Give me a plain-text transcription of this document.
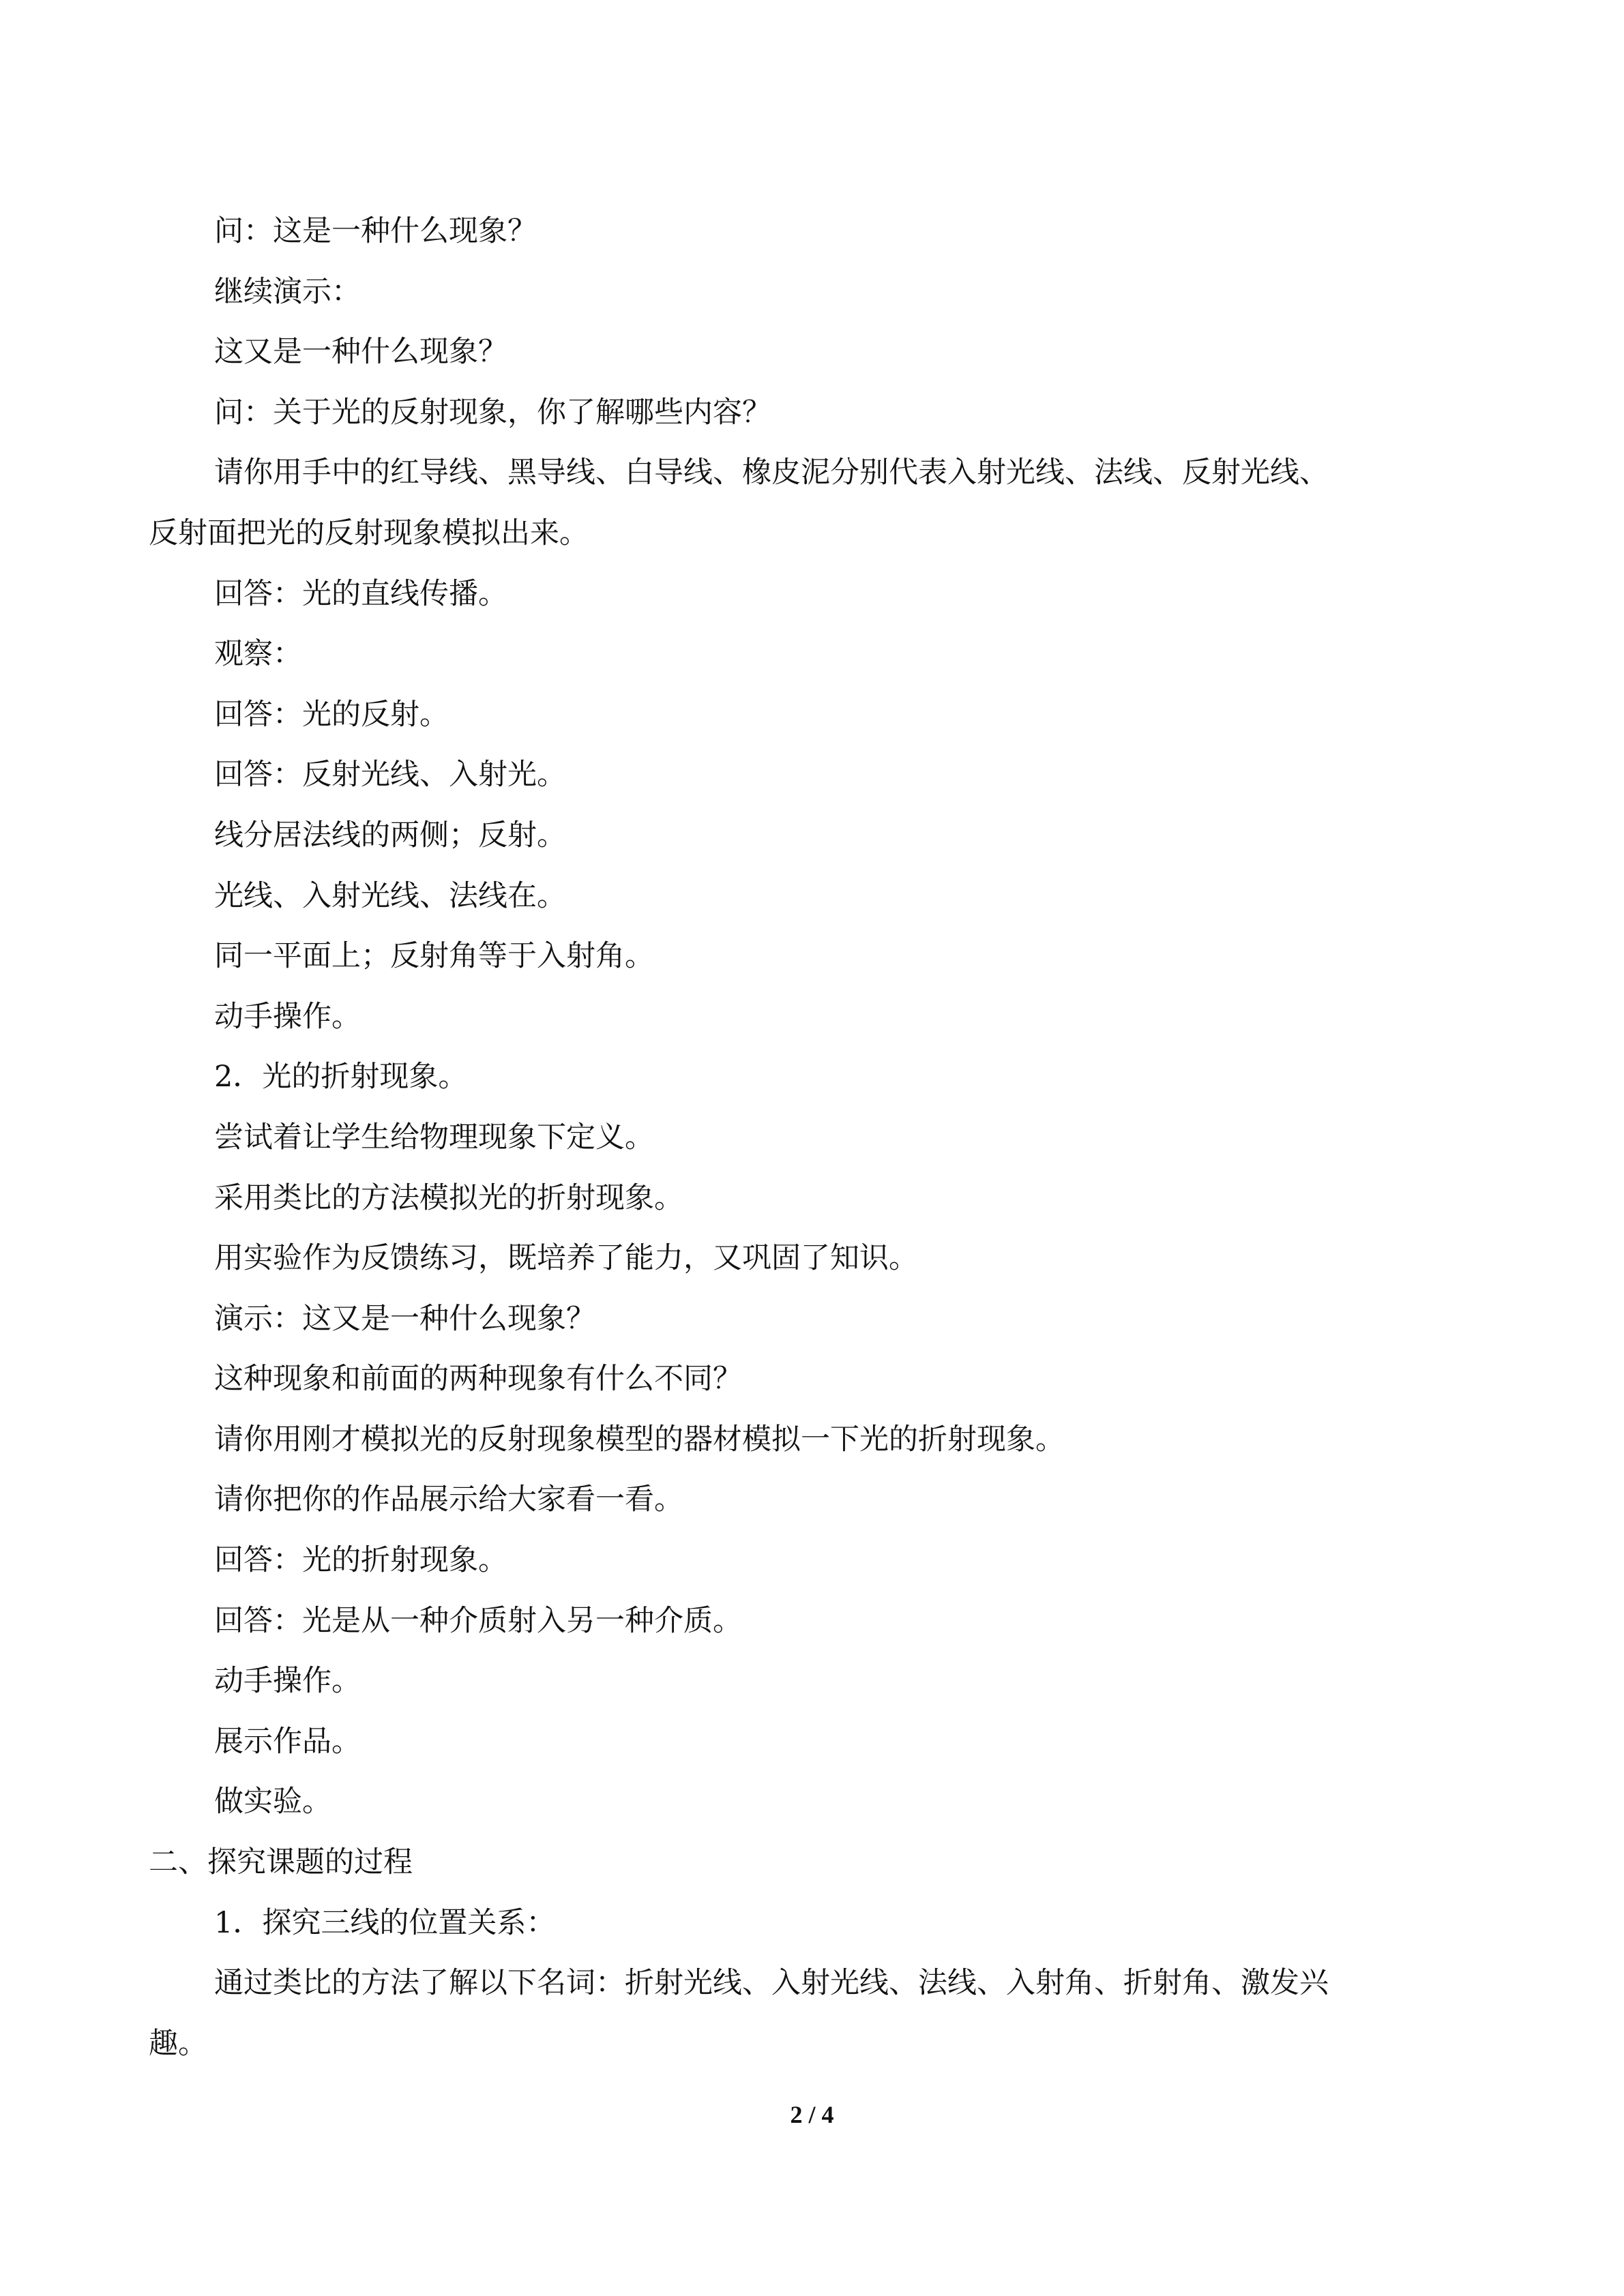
问：这是一种什么现象？

继续演示：

这又是一种什么现象？

问：关于光的反射现象，你了解哪些内容？

请你用手中的红导线、黑导线、白导线、橡皮泥分别代表入射光线、法线、反射光线、

反射面把光的反射现象模拟出来。

回答：光的直线传播。

观察：

回答：光的反射。

回答：反射光线、入射光。

线分居法线的两侧；反射。

光线、入射光线、法线在。

同一平面上；反射角等于入射角。

动手操作。

2．光的折射现象。

尝试着让学生给物理现象下定义。

采用类比的方法模拟光的折射现象。

用实验作为反馈练习，既培养了能力，又巩固了知识。

演示：这又是一种什么现象？

这种现象和前面的两种现象有什么不同？

请你用刚才模拟光的反射现象模型的器材模拟一下光的折射现象。

请你把你的作品展示给大家看一看。

回答：光的折射现象。

回答：光是从一种介质射入另一种介质。

动手操作。

展示作品。

做实验。

二、探究课题的过程

1．探究三线的位置关系：

通过类比的方法了解以下名词：折射光线、入射光线、法线、入射角、折射角、激发兴

趣。

2 / 4
